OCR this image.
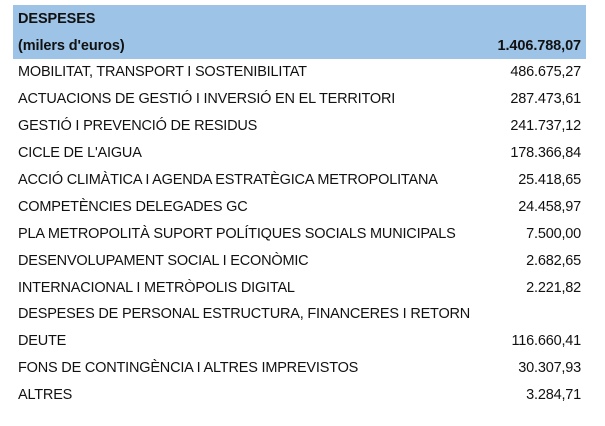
DESPESES
(milers d'euros)	1.406.788,07
MOBILITAT, TRANSPORT I SOSTENIBILITAT	486.675,27
ACTUACIONS DE GESTIÓ I INVERSIÓ EN EL TERRITORI	287.473,61
GESTIÓ I PREVENCIÓ DE RESIDUS	241.737,12
CICLE DE L'AIGUA	178.366,84
ACCIÓ CLIMÀTICA I AGENDA ESTRATÈGICA METROPOLITANA	25.418,65
COMPETÈNCIES DELEGADES GC	24.458,97
PLA METROPOLITÀ SUPORT POLÍTIQUES SOCIALS MUNICIPALS	7.500,00
DESENVOLUPAMENT SOCIAL I ECONÒMIC	2.682,65
INTERNACIONAL I METRÒPOLIS DIGITAL	2.221,82
DESPESES DE PERSONAL ESTRUCTURA, FINANCERES I RETORN
DEUTE	116.660,41
FONS DE CONTINGÈNCIA I ALTRES IMPREVISTOS	30.307,93
ALTRES	3.284,71
